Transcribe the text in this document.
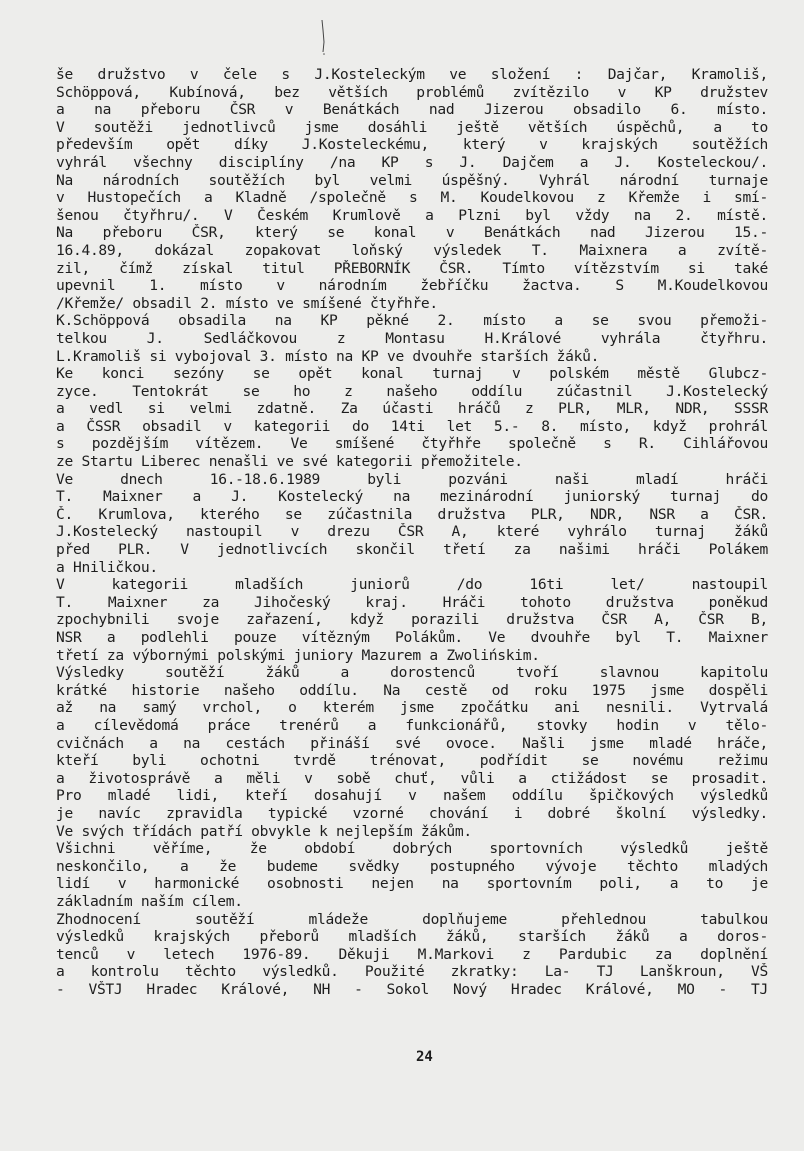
še družstvo v čele s J.Kosteleckým ve složení : Dajčar, Kramoliš,
Schöppová, Kubínová, bez větších problémů zvítězilo v KP družstev
a na přeboru ČSR v Benátkách nad Jizerou obsadilo 6. místo.
V soutěži jednotlivců jsme dosáhli ještě větších úspěchů, a to
především opět díky J.Kosteleckému, který v krajských soutěžích
vyhrál všechny disciplíny /na KP s J. Dajčem a J. Kosteleckou/.
Na národních soutěžích byl velmi úspěšný. Vyhrál národní turnaje
v Hustopečích a Kladně /společně s M. Koudelkovou z Křemže i smí-
šenou čtyřhru/. V Českém Krumlově a Plzni byl vždy na 2. místě.
Na přeboru ČSR, který se konal v Benátkách nad Jizerou 15.-
16.4.89, dokázal zopakovat loňský výsledek T. Maixnera a zvítě-
zil, čímž získal titul PŘEBORNÍK ČSR. Tímto vítězstvím si také
upevnil 1. místo v národním žebříčku žactva. S M.Koudelkovou
/Křemže/ obsadil 2. místo ve smíšené čtyřhře.
K.Schöppová obsadila na KP pěkné 2. místo a se svou přemoži-
telkou J. Sedláčkovou z Montasu H.Králové vyhrála čtyřhru.
L.Kramoliš si vybojoval 3. místo na KP ve dvouhře starších žáků.
Ke konci sezóny se opět konal turnaj v polském městě Glubcz-
zyce. Tentokrát se ho z našeho oddílu zúčastnil J.Kostelecký
a vedl si velmi zdatně. Za účasti hráčů z PLR, MLR, NDR, SSSR
a ČSSR obsadil v kategorii do 14ti let 5.- 8. místo, když prohrál
s pozdějším vítězem. Ve smíšené čtyřhře společně s R. Cihlářovou
ze Startu Liberec nenašli ve své kategorii přemožitele.
Ve dnech 16.-18.6.1989 byli pozváni naši mladí hráči
T. Maixner a J. Kostelecký na mezinárodní juniorský turnaj do
Č. Krumlova, kterého se zúčastnila družstva PLR, NDR, NSR a ČSR.
J.Kostelecký nastoupil v drezu ČSR A, které vyhrálo turnaj žáků
před PLR. V jednotlivcích skončil třetí za našimi hráči Polákem
a Hniličkou.
V kategorii mladších juniorů /do 16ti let/ nastoupil
T. Maixner za Jihočeský kraj. Hráči tohoto družstva poněkud
zpochybnili svoje zařazení, když porazili družstva ČSR A, ČSR B,
NSR a podlehli pouze vítězným Polákům. Ve dvouhře byl T. Maixner
třetí za výbornými polskými juniory Mazurem a Zwolińskim.
Výsledky soutěží žáků a dorostenců tvoří slavnou kapitolu
krátké historie našeho oddílu. Na cestě od roku 1975 jsme dospěli
až na samý vrchol, o kterém jsme zpočátku ani nesnili. Vytrvalá
a cílevědomá práce trenérů a funkcionářů, stovky hodin v tělo-
cvičnách a na cestách přináší své ovoce. Našli jsme mladé hráče,
kteří byli ochotni tvrdě trénovat, podřídit se novému režimu
a životosprávě a měli v sobě chuť, vůli a ctižádost se prosadit.
Pro mladé lidi, kteří dosahují v našem oddílu špičkových výsledků
je navíc zpravidla typické vzorné chování i dobré školní výsledky.
Ve svých třídách patří obvykle k nejlepším žákům.
Všichni věříme, že období dobrých sportovních výsledků ještě
neskončilo, a že budeme svědky postupného vývoje těchto mladých
lidí v harmonické osobnosti nejen na sportovním poli, a to je
základním naším cílem.
Zhodnocení soutěží mládeže doplňujeme přehlednou tabulkou
výsledků krajských přeborů mladších žáků, starších žáků a doros-
tenců v letech 1976-89. Děkuji M.Markovi z Pardubic za doplnění
a kontrolu těchto výsledků. Použité zkratky: La- TJ Lanškroun, VŠ
- VŠTJ Hradec Králové, NH - Sokol Nový Hradec Králové, MO - TJ
24
